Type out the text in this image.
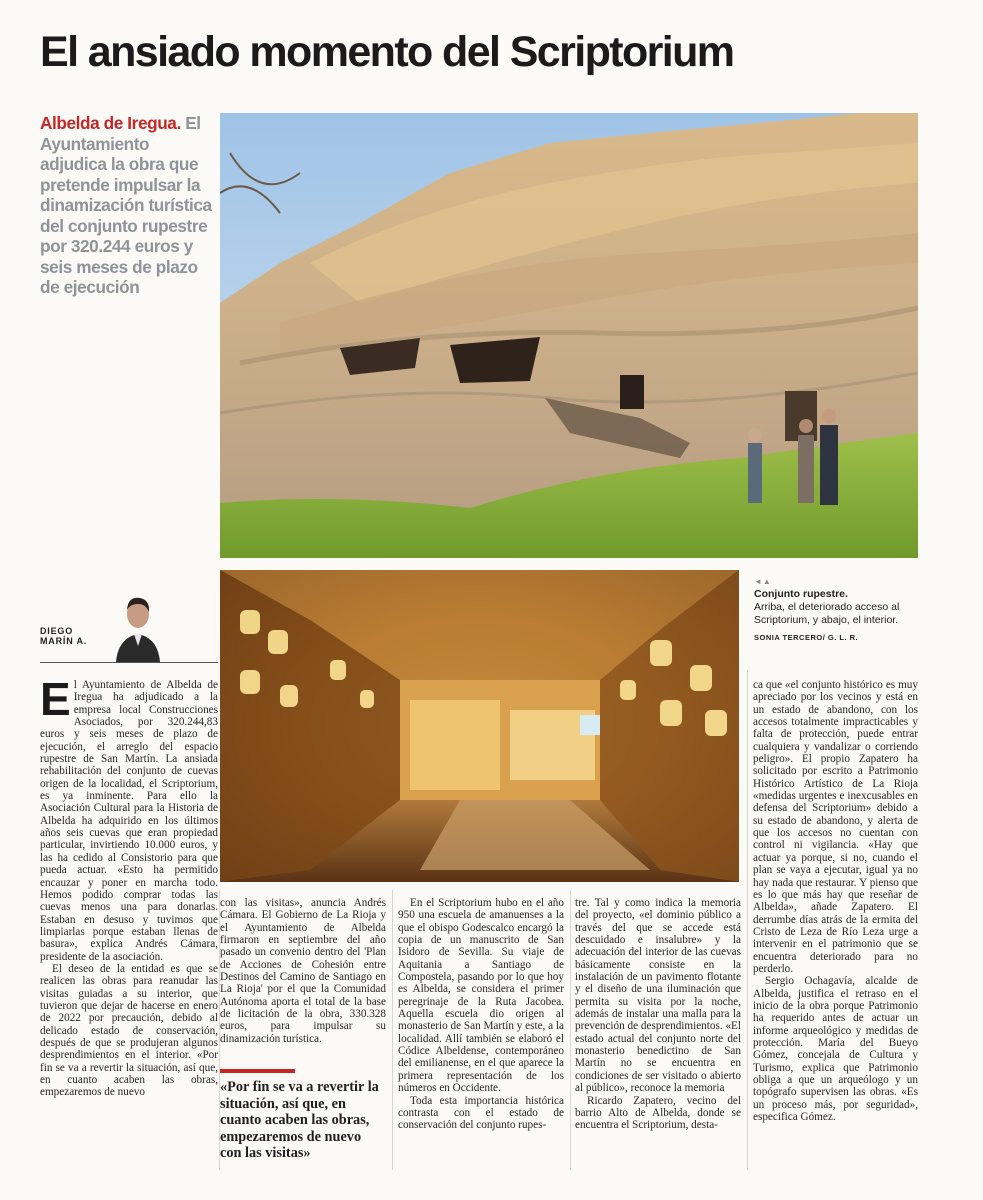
El ansiado momento del Scriptorium
Albelda de Iregua. El Ayuntamiento adjudica la obra que pretende impulsar la dinamización turística del conjunto rupestre por 320.244 euros y seis meses de plazo de ejecución
◄▲
Conjunto rupestre.
Arriba, el deteriorado acceso al Scriptorium, y abajo, el interior.
SONIA TERCERO/ G. L. R.
DIEGO MARÍN A.

El Ayuntamiento de Albelda de Iregua ha adjudicado a la empresa local Construcciones Asociados, por 320.244,83 euros y seis meses de plazo de ejecución, el arreglo del espacio rupestre de San Martín. La ansiada rehabilitación del conjunto de cuevas origen de la localidad, el Scriptorium, es ya inminente. Para ello la Asociación Cultural para la Historia de Albelda ha adquirido en los últimos años seis cuevas que eran propiedad particular, invirtiendo 10.000 euros, y las ha cedido al Consistorio para que pueda actuar. «Esto ha permitido encauzar y poner en marcha todo. Hemos podido comprar todas las cuevas menos una para donarlas. Estaban en desuso y tuvimos que limpiarlas porque estaban llenas de basura», explica Andrés Cámara, presidente de la asociación.

El deseo de la entidad es que se realicen las obras para reanudar las visitas guiadas a su interior, que tuvieron que dejar de hacerse en enero de 2022 por precaución, debido al delicado estado de conservación, después de que se produjeran algunos desprendimientos en el interior. «Por fin se va a revertir la situación, así que, en cuanto acaben las obras, empezaremos de nuevo

con las visitas», anuncia Andrés Cámara. El Gobierno de La Rioja y el Ayuntamiento de Albelda firmaron en septiembre del año pasado un convenio dentro del 'Plan de Acciones de Cohesión entre Destinos del Camino de Santiago en La Rioja' por el que la Comunidad Autónoma aporta el total de la base de licitación de la obra, 330.328 euros, para impulsar su dinamización turística.

«Por fin se va a revertir la situación, así que, en cuanto acaben las obras, empezaremos de nuevo con las visitas»

En el Scriptorium hubo en el año 950 una escuela de amanuenses a la que el obispo Godescalco encargó la copia de un manuscrito de San Isidoro de Sevilla. Su viaje de Aquitania a Santiago de Compostela, pasando por lo que hoy es Albelda, se considera el primer peregrinaje de la Ruta Jacobea. Aquella escuela dio origen al monasterio de San Martín y este, a la localidad. Allí también se elaboró el Códice Albeldense, contemporáneo del emilianense, en el que aparece la primera representación de los números en Occidente.

Toda esta importancia histórica contrasta con el estado de conservación del conjunto rupes-

tre. Tal y como indica la memoria del proyecto, «el dominio público a través del que se accede está descuidado e insalubre» y la adecuación del interior de las cuevas básicamente consiste en la instalación de un pavimento flotante y el diseño de una iluminación que permita su visita por la noche, además de instalar una malla para la prevención de desprendimientos. «El estado actual del conjunto norte del monasterio benedictino de San Martín no se encuentra en condiciones de ser visitado o abierto al público», reconoce la memoria

Ricardo Zapatero, vecino del barrio Alto de Albelda, donde se encuentra el Scriptorium, desta-

ca que «el conjunto histórico es muy apreciado por los vecinos y está en un estado de abandono, con los accesos totalmente impracticables y falta de protección, puede entrar cualquiera y vandalizar o corriendo peligro». El propio Zapatero ha solicitado por escrito a Patrimonio Histórico Artístico de La Rioja «medidas urgentes e inexcusables en defensa del Scriptorium» debido a su estado de abandono, y alerta de que los accesos no cuentan con control ni vigilancia. «Hay que actuar ya porque, si no, cuando el plan se vaya a ejecutar, igual ya no hay nada que restaurar. Y pienso que es lo que más hay que reseñar de Albelda», añade Zapatero. El derrumbe días atrás de la ermita del Cristo de Leza de Río Leza urge a intervenir en el patrimonio que se encuentra deteriorado para no perderlo.

Sergio Ochagavía, alcalde de Albelda, justifica el retraso en el inicio de la obra porque Patrimonio ha requerido antes de actuar un informe arqueológico y medidas de protección. María del Bueyo Gómez, concejala de Cultura y Turismo, explica que Patrimonio obliga a que un arqueólogo y un topógrafo supervisen las obras. «Es un proceso más, por seguridad», especifica Gómez.
